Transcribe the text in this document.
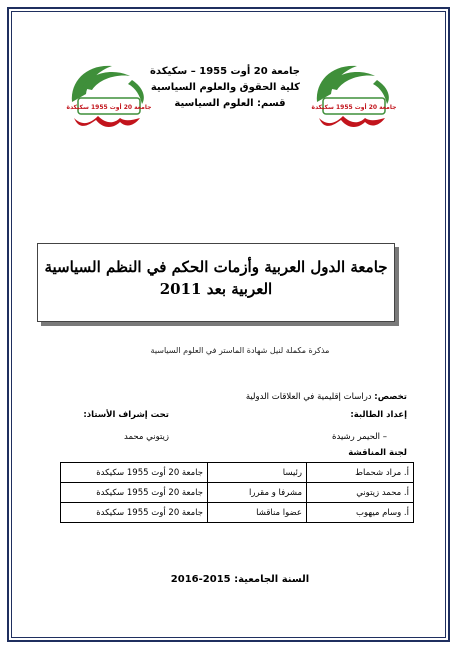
جامعة 20 أوت 1955 سكيكدة	جامعة 20 أوت 1955 سكيكدة
جامعة 20 أوت 1955 – سكيكدة
كلية الحقوق والعلوم السياسية
قسم: العلوم السياسية
جامعة الدول العربية وأزمات الحكم في النظم السياسية
العربية بعد 2011
مذكرة مكملة لنيل شهادة الماستر في العلوم السياسية
تخصص: دراسات إقليمية في العلاقات الدولية
إعداد الطالبة:
تحت إشراف الأستاذ:
– الحيمر رشيدة
زيتوني محمد
لجنة المناقشة
أ. مراد شحماط	رئيسا	جامعة 20 أوت 1955 سكيكدة
أ. محمد زيتوني	مشرفا و مقررا	جامعة 20 أوت 1955 سكيكدة
أ. وسام ميهوب	عضوا مناقشا	جامعة 20 أوت 1955 سكيكدة
السنة الجامعية: 2015-2016
